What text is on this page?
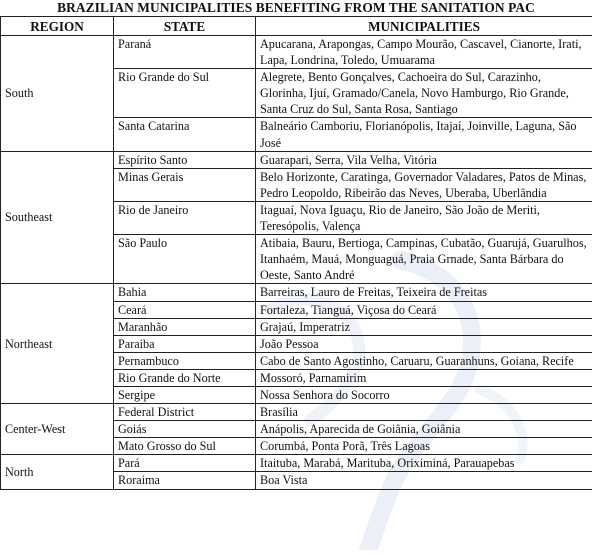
BRAZILIAN MUNICIPALITIES BENEFITING FROM THE SANITATION PAC
REGION	STATE	MUNICIPALITIES
South	Paraná	Apucarana, Arapongas, Campo Mourão, Cascavel, Cianorte, Irati, Lapa, Londrina, Toledo, Umuarama
	Rio Grande do Sul	Alegrete, Bento Gonçalves, Cachoeira do Sul, Carazinho, Glorinha, Ijuí, Gramado/Canela, Novo Hamburgo, Rio Grande, Santa Cruz do Sul, Santa Rosa, Santiago
	Santa Catarina	Balneário Camboriu, Florianópolis, Itajaí, Joinville, Laguna, São José
Southeast	Espírito Santo	Guarapari, Serra, Vila Velha, Vitória
	Minas Gerais	Belo Horizonte, Caratinga, Governador Valadares, Patos de Minas, Pedro Leopoldo, Ribeirão das Neves, Uberaba, Uberlândia
	Rio de Janeiro	Itaguaí, Nova Iguaçu, Rio de Janeiro, São João de Meriti, Teresópolis, Valença
	São Paulo	Atibaia, Bauru, Bertioga, Campinas, Cubatão, Guarujá, Guarulhos, Itanhaém, Mauá, Monguaguá, Praia Grnade, Santa Bárbara do Oeste, Santo André
Northeast	Bahia	Barreiras, Lauro de Freitas, Teixeira de Freitas
	Ceará	Fortaleza, Tianguá, Viçosa do Ceará
	Maranhão	Grajaú, Imperatriz
	Paraiba	João Pessoa
	Pernambuco	Cabo de Santo Agostinho, Caruaru, Guaranhuns, Goiana, Recife
	Rio Grande do Norte	Mossoró, Parnamirim
	Sergipe	Nossa Senhora do Socorro
Center-West	Federal District	Brasília
	Goiás	Anápolis, Aparecida de Goiânia, Goiânia
	Mato Grosso do Sul	Corumbá, Ponta Porã, Três Lagoas
North	Pará	Itaituba, Marabá, Marituba, Oriximiná, Parauapebas
	Roraima	Boa Vista
